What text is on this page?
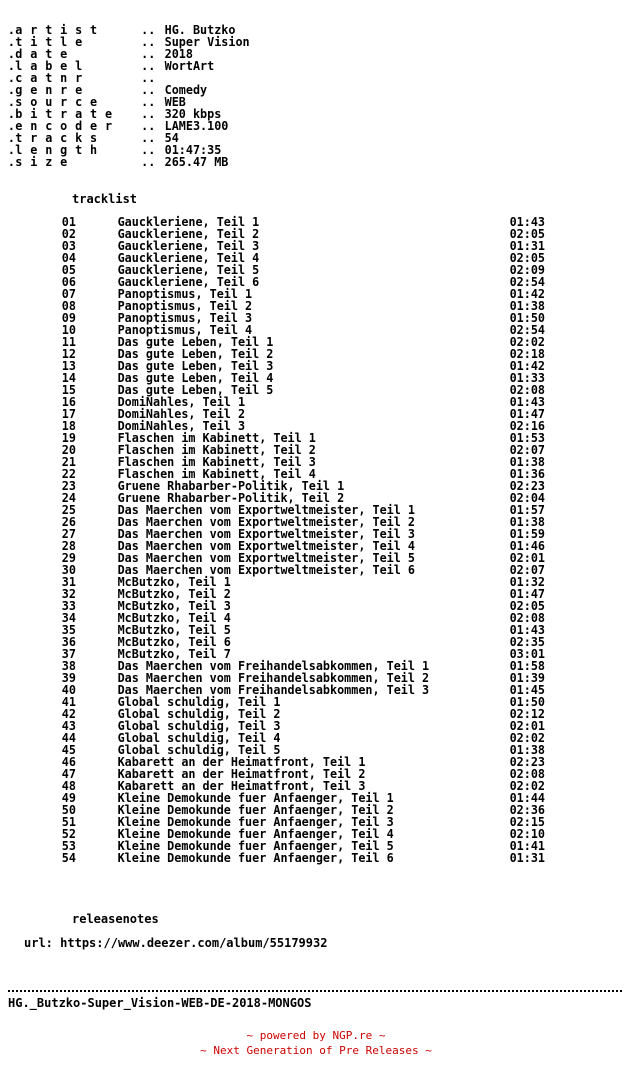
.a r t i s t	.. HG. Butzko
.t i t l e	.. Super Vision
.d a t e	.. 2018
.l a b e l	.. WortArt
.c a t n r	..
.g e n r e	.. Comedy
.s o u r c e	.. WEB
.b i t r a t e .. 320 kbps
.e n c o d e r .. LAME3.100
.t r a c k s	.. 54
.l e n g t h	.. 01:47:35
.s i z e	.. 265.47 MB
tracklist
01	Gauckleriene, Teil 1	01:43
02	Gauckleriene, Teil 2	02:05
03	Gauckleriene, Teil 3	01:31
04	Gauckleriene, Teil 4	02:05
05	Gauckleriene, Teil 5	02:09
06	Gauckleriene, Teil 6	02:54
07	Panoptismus, Teil 1	01:42
08	Panoptismus, Teil 2	01:38
09	Panoptismus, Teil 3	01:50
10	Panoptismus, Teil 4	02:54
11	Das gute Leben, Teil 1	02:02
12	Das gute Leben, Teil 2	02:18
13	Das gute Leben, Teil 3	01:42
14	Das gute Leben, Teil 4	01:33
15	Das gute Leben, Teil 5	02:08
16	DomiNahles, Teil 1	01:43
17	DomiNahles, Teil 2	01:47
18	DomiNahles, Teil 3	02:16
19	Flaschen im Kabinett, Teil 1	01:53
20	Flaschen im Kabinett, Teil 2	02:07
21	Flaschen im Kabinett, Teil 3	01:38
22	Flaschen im Kabinett, Teil 4	01:36
23	Gruene Rhabarber-Politik, Teil 1	02:23
24	Gruene Rhabarber-Politik, Teil 2	02:04
25	Das Maerchen vom Exportweltmeister, Teil 1	01:57
26	Das Maerchen vom Exportweltmeister, Teil 2	01:38
27	Das Maerchen vom Exportweltmeister, Teil 3	01:59
28	Das Maerchen vom Exportweltmeister, Teil 4	01:46
29	Das Maerchen vom Exportweltmeister, Teil 5	02:01
30	Das Maerchen vom Exportweltmeister, Teil 6	02:07
31	McButzko, Teil 1	01:32
32	McButzko, Teil 2	01:47
33	McButzko, Teil 3	02:05
34	McButzko, Teil 4	02:08
35	McButzko, Teil 5	01:43
36	McButzko, Teil 6	02:35
37	McButzko, Teil 7	03:01
38	Das Maerchen vom Freihandelsabkommen, Teil 1	01:58
39	Das Maerchen vom Freihandelsabkommen, Teil 2	01:39
40	Das Maerchen vom Freihandelsabkommen, Teil 3	01:45
41	Global schuldig, Teil 1	01:50
42	Global schuldig, Teil 2	02:12
43	Global schuldig, Teil 3	02:01
44	Global schuldig, Teil 4	02:02
45	Global schuldig, Teil 5	01:38
46	Kabarett an der Heimatfront, Teil 1	02:23
47	Kabarett an der Heimatfront, Teil 2	02:08
48	Kabarett an der Heimatfront, Teil 3	02:02
49	Kleine Demokunde fuer Anfaenger, Teil 1	01:44
50	Kleine Demokunde fuer Anfaenger, Teil 2	02:36
51	Kleine Demokunde fuer Anfaenger, Teil 3	02:15
52	Kleine Demokunde fuer Anfaenger, Teil 4	02:10
53	Kleine Demokunde fuer Anfaenger, Teil 5	01:41
54	Kleine Demokunde fuer Anfaenger, Teil 6	01:31
releasenotes
url: https://www.deezer.com/album/55179932
HG._Butzko-Super_Vision-WEB-DE-2018-MONGOS
~ powered by NGP.re ~
~ Next Generation of Pre Releases ~
